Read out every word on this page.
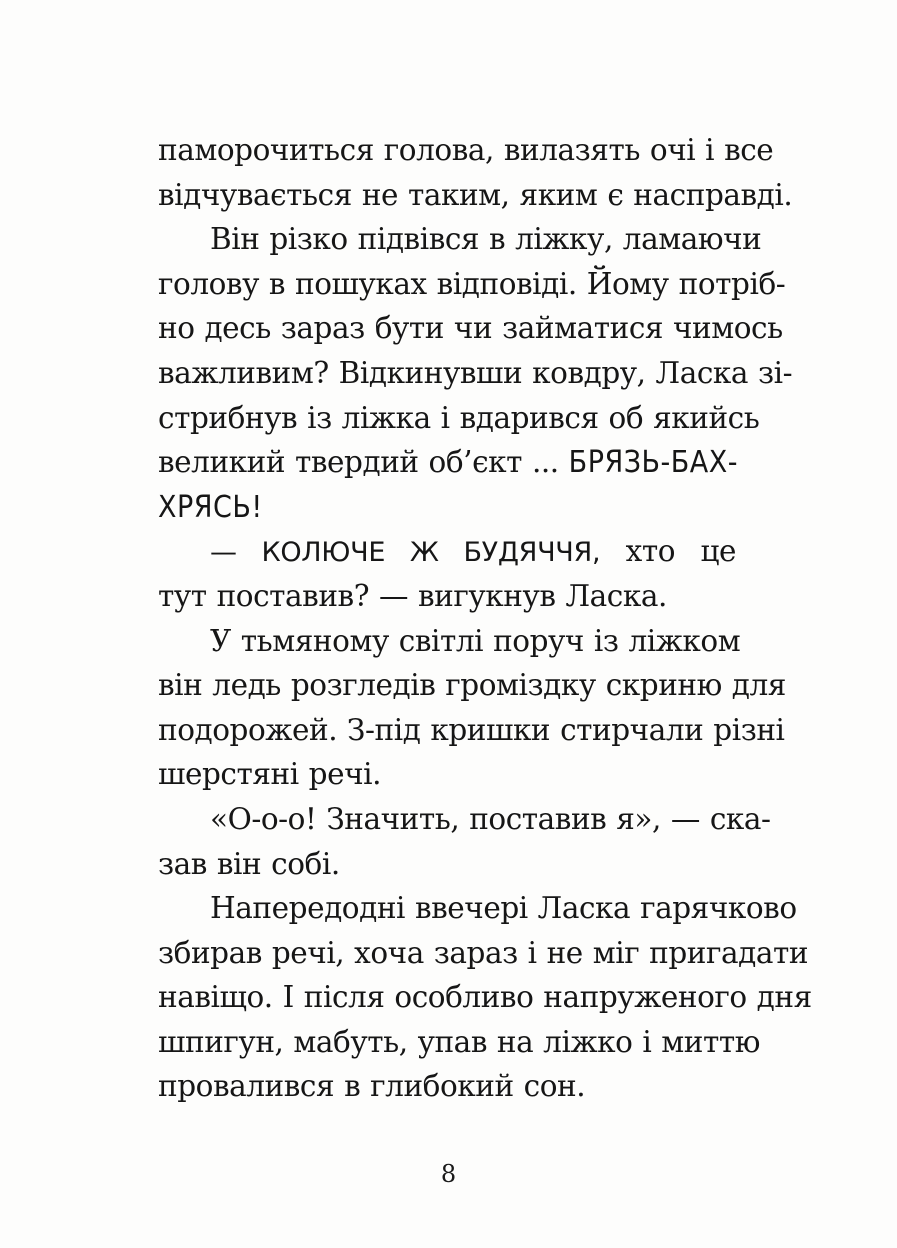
паморочиться голова, вилазять очі і все
відчувається не таким, яким є насправді.
Він різко підвівся в ліжку, ламаючи
голову в пошуках відповіді. Йому потріб-
но десь зараз бути чи займатися чимось
важливим? Відкинувши ковдру, Ласка зі-
стрибнув із ліжка і вдарився об якийсь
великий твердий об’єкт ... БРЯЗЬ-БАХ-
ХРЯСЬ!
— КОЛЮЧЕ Ж БУДЯЧЧЯ, хто це
тут поставив? — вигукнув Ласка.
У тьмяному світлі поруч із ліжком
він ледь розгледів громіздку скриню для
подорожей. З-під кришки стирчали різні
шерстяні речі.
«О-о-о! Значить, поставив я», — ска-
зав він собі.
Напередодні ввечері Ласка гарячково
збирав речі, хоча зараз і не міг пригадати
навіщо. І після особливо напруженого дня
шпигун, мабуть, упав на ліжко і миттю
провалився в глибокий сон.
8
